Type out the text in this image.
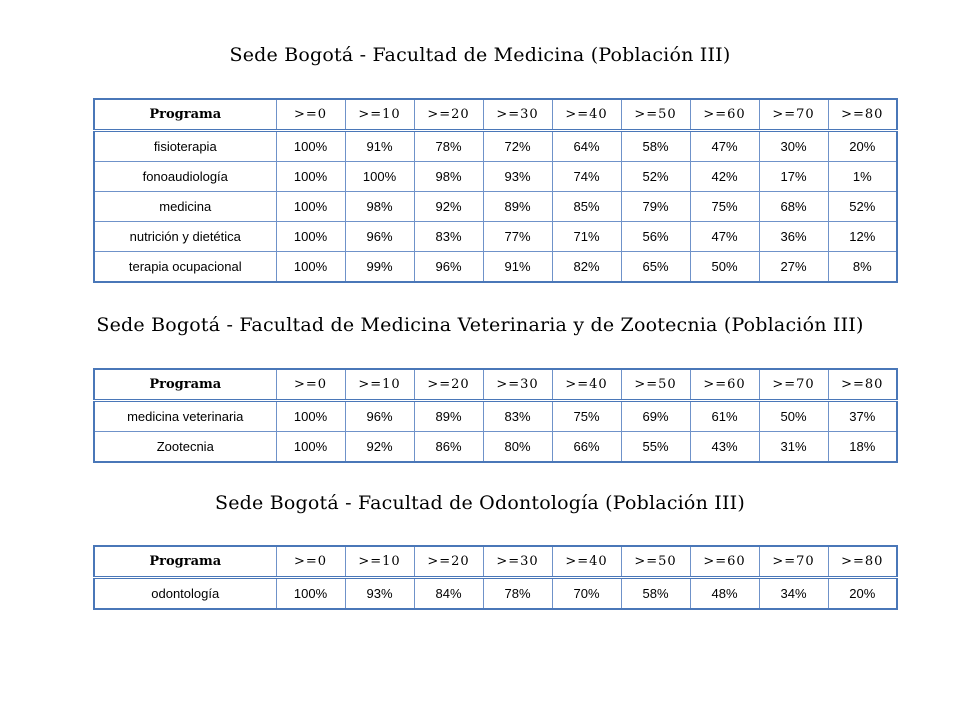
Sede Bogotá - Facultad de Medicina (Población III)
Programa	>=0	>=10	>=20	>=30	>=40	>=50	>=60	>=70	>=80
fisioterapia	100%	91%	78%	72%	64%	58%	47%	30%	20%
fonoaudiología	100%	100%	98%	93%	74%	52%	42%	17%	1%
medicina	100%	98%	92%	89%	85%	79%	75%	68%	52%
nutrición y dietética	100%	96%	83%	77%	71%	56%	47%	36%	12%
terapia ocupacional	100%	99%	96%	91%	82%	65%	50%	27%	8%
Sede Bogotá - Facultad de Medicina Veterinaria y de Zootecnia (Población III)
Programa	>=0	>=10	>=20	>=30	>=40	>=50	>=60	>=70	>=80
medicina veterinaria	100%	96%	89%	83%	75%	69%	61%	50%	37%
Zootecnia	100%	92%	86%	80%	66%	55%	43%	31%	18%
Sede Bogotá - Facultad de Odontología (Población III)
Programa	>=0	>=10	>=20	>=30	>=40	>=50	>=60	>=70	>=80
odontología	100%	93%	84%	78%	70%	58%	48%	34%	20%
